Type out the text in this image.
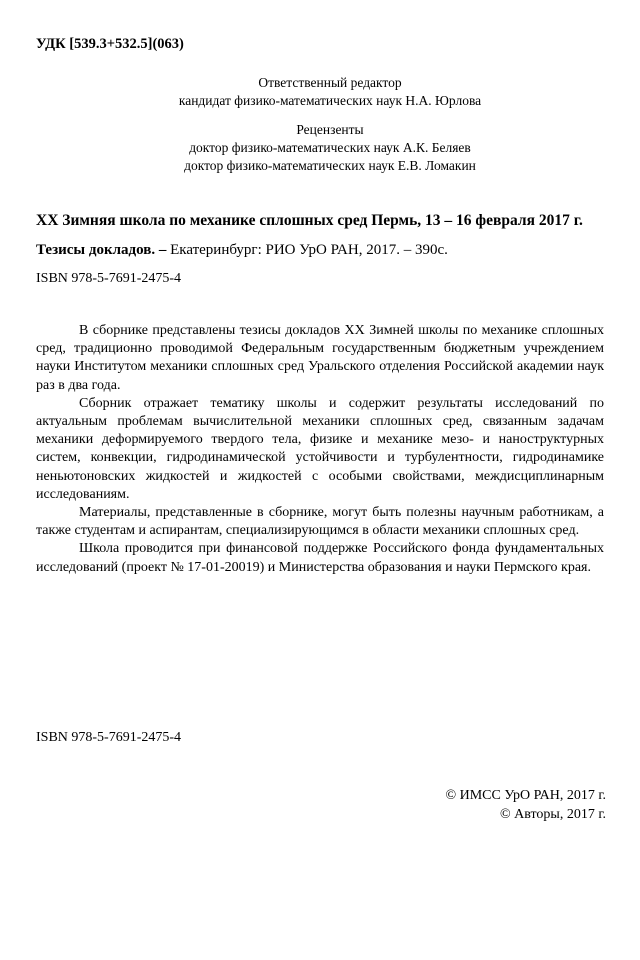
УДК [539.3+532.5](063)
Ответственный редактор
кандидат физико-математических наук Н.А. Юрлова
Рецензенты
доктор физико-математических наук А.К. Беляев
доктор физико-математических наук Е.В. Ломакин
XX Зимняя школа по механике сплошных сред Пермь, 13 – 16 февраля 2017 г.
Тезисы докладов. – Екатеринбург: РИО УрО РАН, 2017. – 390с.
ISBN 978-5-7691-2475-4

В сборнике представлены тезисы докладов XX Зимней школы по механике сплошных сред, традиционно проводимой Федеральным государственным бюджетным учреждением науки Институтом механики сплошных сред Уральского отделения Российской академии наук раз в два года.

Сборник отражает тематику школы и содержит результаты исследований по актуальным проблемам вычислительной механики сплошных сред, связанным задачам механики деформируемого твердого тела, физике и механике мезо- и наноструктурных систем, конвекции, гидродинамической устойчивости и турбулентности, гидродинамике неньютоновских жидкостей и жидкостей с особыми свойствами, междисциплинарным исследованиям.

Материалы, представленные в сборнике, могут быть полезны научным работникам, а также студентам и аспирантам, специализирующимся в области механики сплошных сред.

Школа проводится при финансовой поддержке Российского фонда фундаментальных исследований (проект № 17-01-20019) и Министерства образования и науки Пермского края.

ISBN 978-5-7691-2475-4
© ИМСС УрО РАН, 2017 г.
© Авторы, 2017 г.
